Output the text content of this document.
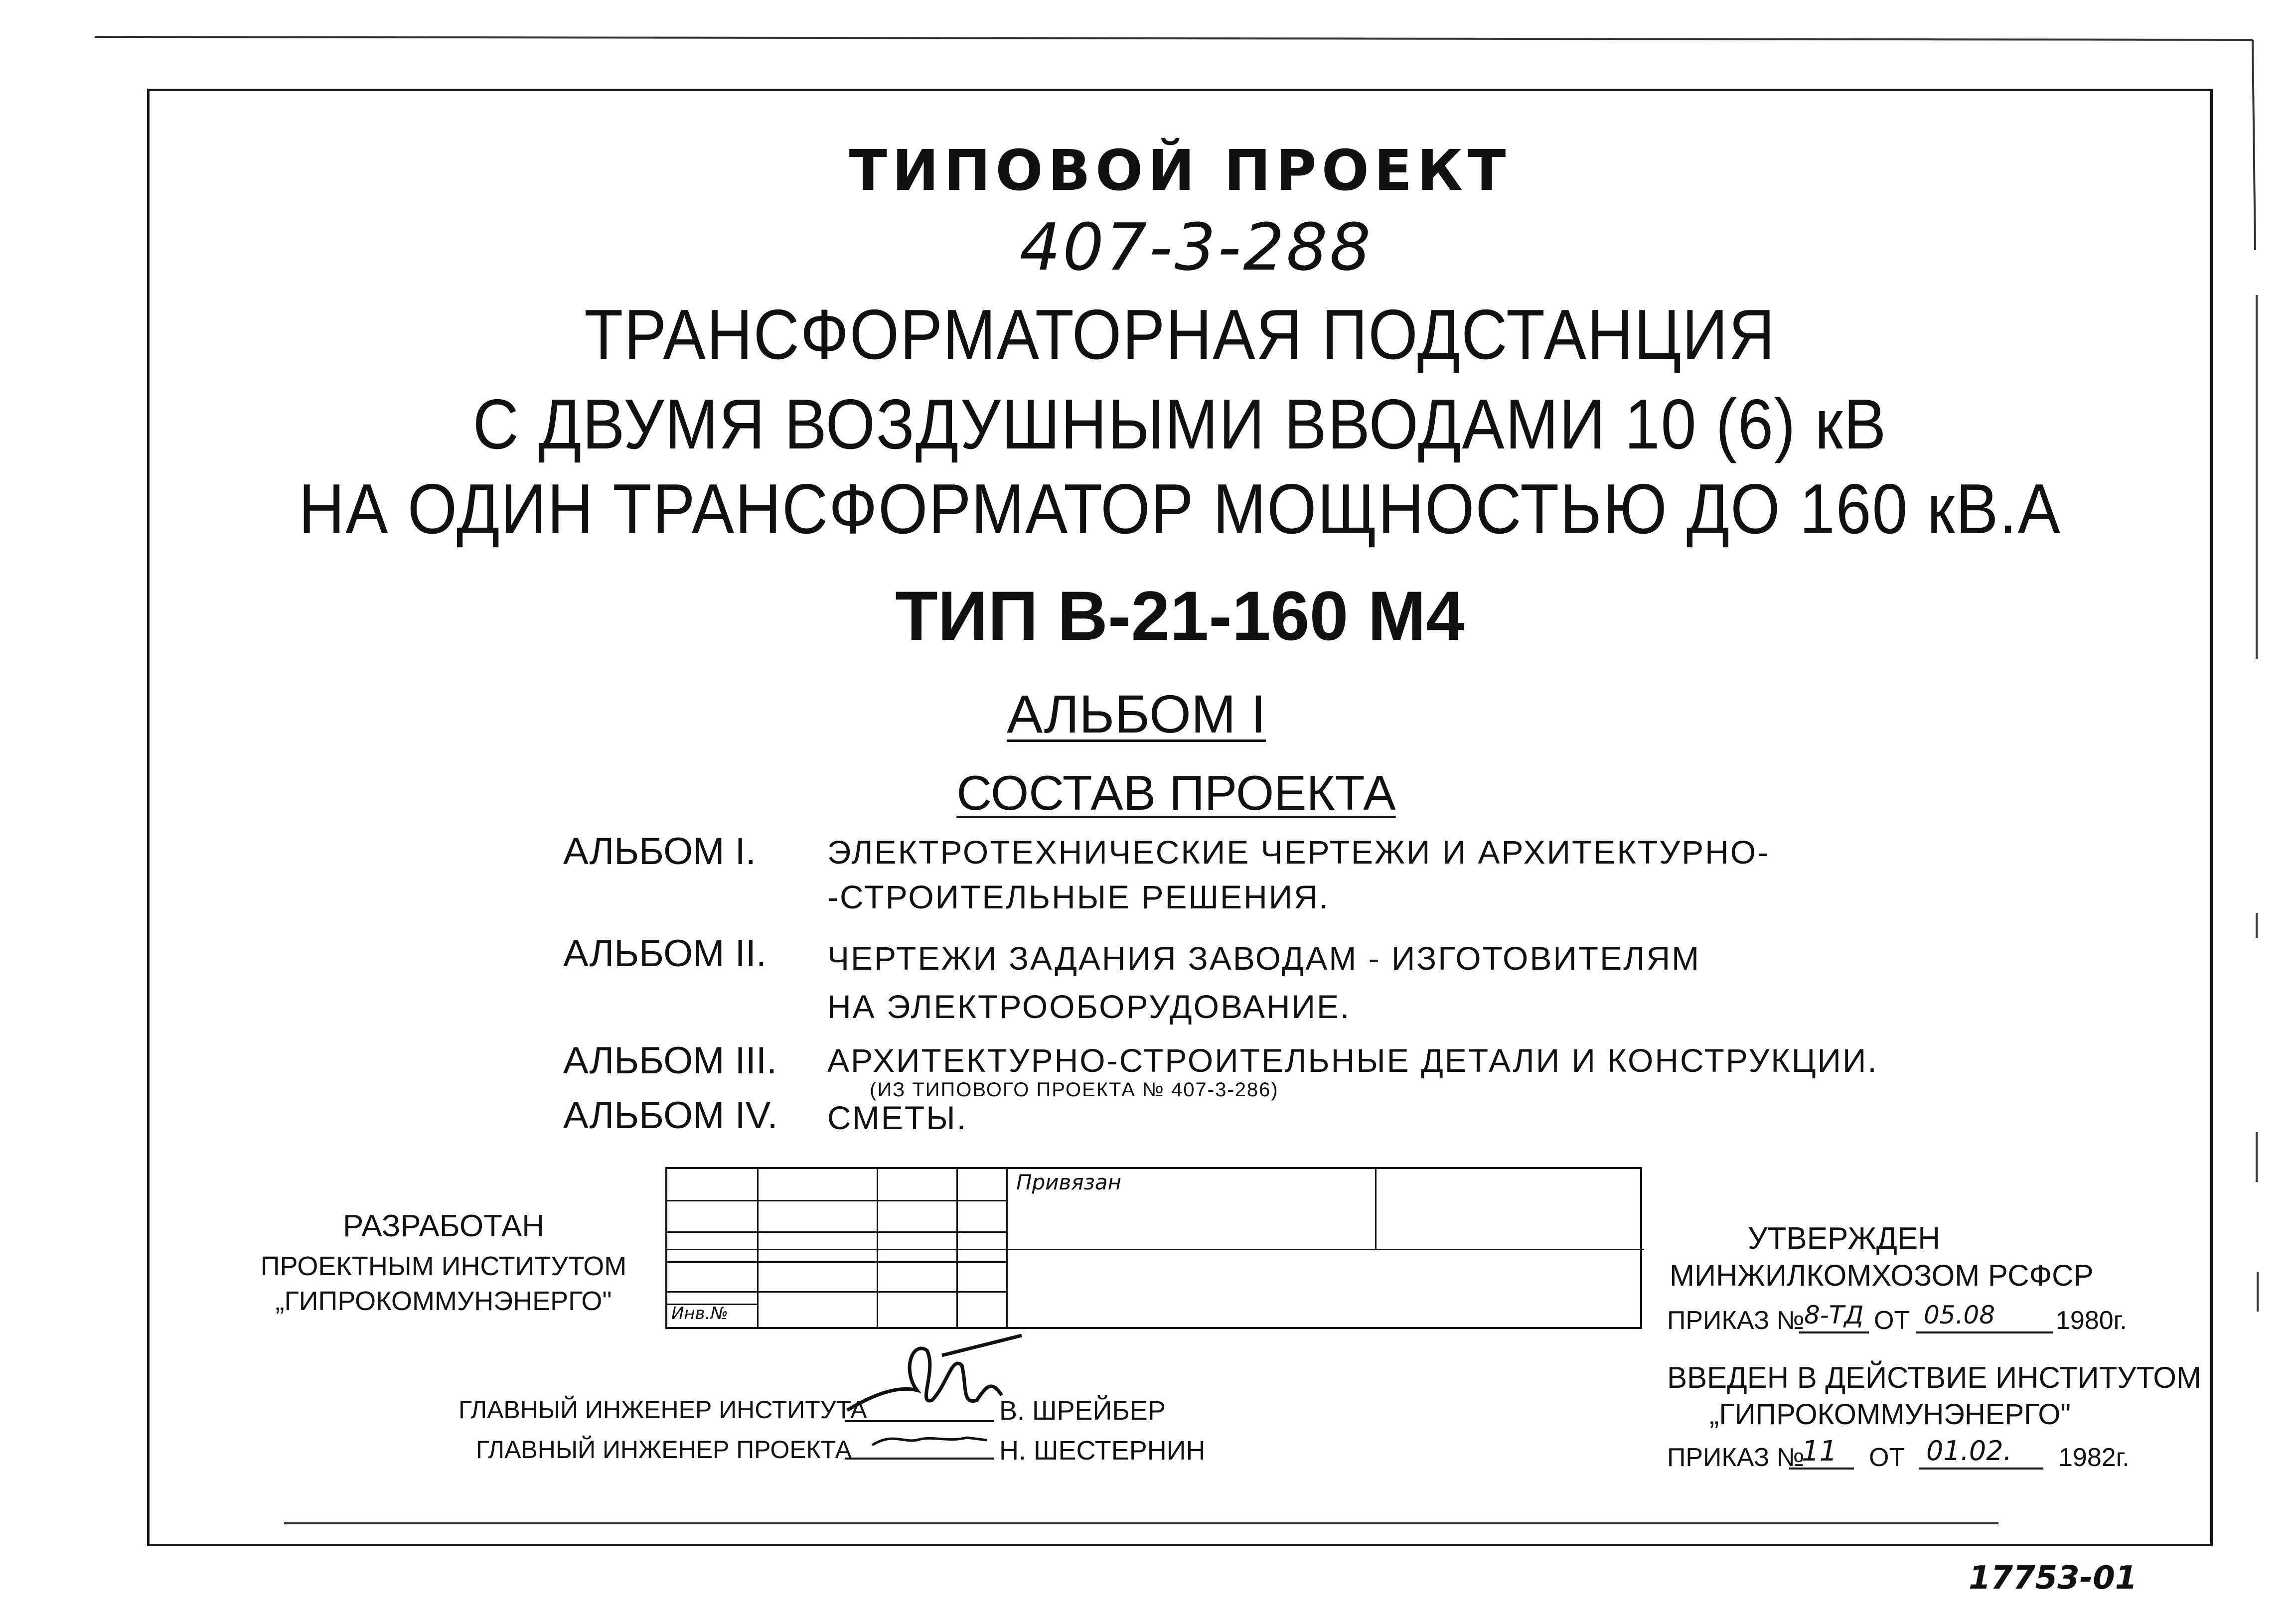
ТИПОВОЙ ПРОЕКТ
407-3-288
ТРАНСФОРМАТОРНАЯ ПОДСТАНЦИЯ
С ДВУМЯ ВОЗДУШНЫМИ ВВОДАМИ 10 (6) кВ
НА ОДИН ТРАНСФОРМАТОР МОЩНОСТЬЮ ДО 160 кВ.А
ТИП В-21-160 М4
АЛЬБОМ I
СОСТАВ ПРОЕКТА
АЛЬБОМ I. ЭЛЕКТРОТЕХНИЧЕСКИЕ ЧЕРТЕЖИ И АРХИТЕКТУРНО-
-СТРОИТЕЛЬНЫЕ РЕШЕНИЯ.
АЛЬБОМ II. ЧЕРТЕЖИ ЗАДАНИЯ ЗАВОДАМ - ИЗГОТОВИТЕЛЯМ
НА ЭЛЕКТРООБОРУДОВАНИЕ.
АЛЬБОМ III. АРХИТЕКТУРНО-СТРОИТЕЛЬНЫЕ ДЕТАЛИ И КОНСТРУКЦИИ.
(ИЗ ТИПОВОГО ПРОЕКТА № 407-3-286)
АЛЬБОМ IV. СМЕТЫ.
РАЗРАБОТАН
ПРОЕКТНЫМ ИНСТИТУТОМ
„ГИПРОКОММУНЭНЕРГО"
Привязан
Инв.№
УТВЕРЖДЕН
МИНЖИЛКОМХОЗОМ РСФСР
ПРИКАЗ № 8-ТД ОТ 05.08 1980г.
ВВЕДЕН В ДЕЙСТВИЕ ИНСТИТУТОМ
„ГИПРОКОММУНЭНЕРГО"
ПРИКАЗ №
11 ОТ 01.02. 1982г.
ГЛАВНЫЙ ИНЖЕНЕР ИНСТИТУТА	В. ШРЕЙБЕР
ГЛАВНЫЙ ИНЖЕНЕР ПРОЕКТА	Н. ШЕСТЕРНИН
17753-01
